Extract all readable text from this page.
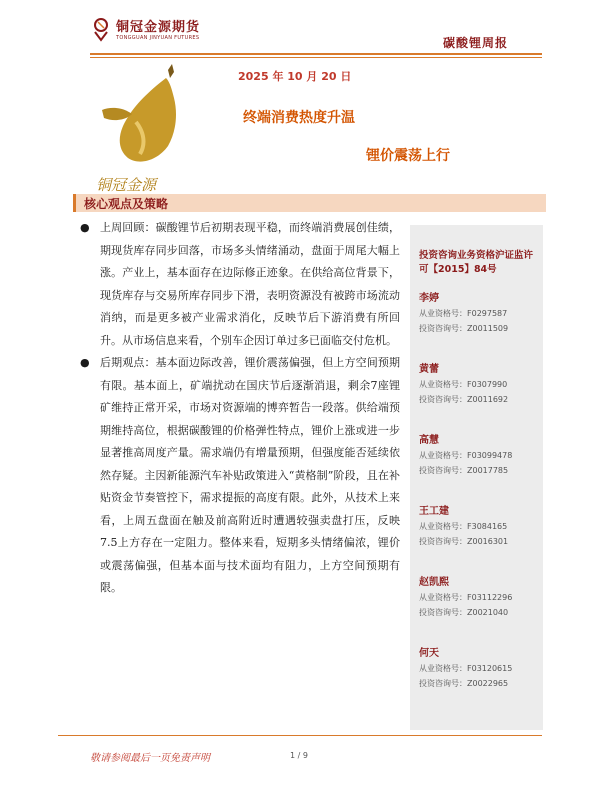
铜冠金源期货
TONGGUAN JINYUAN FUTURES	碳酸锂周报
铜冠金源
2025 年 10 月 20 日
终端消费热度升温
锂价震荡上行
核心观点及策略

● 上周回顾：碳酸锂节后初期表现平稳，而终端消费展创佳绩，期现货库存同步回落，市场多头情绪涌动，盘面于周尾大幅上涨。产业上，基本面存在边际修正迹象。在供给高位背景下，现货库存与交易所库存同步下滑，表明资源没有被跨市场流动消纳，而是更多被产业需求消化，反映节后下游消费有所回升。从市场信息来看，个别车企因订单过多已面临交付危机。

● 后期观点：基本面边际改善，锂价震荡偏强，但上方空间预期有限。基本面上，矿端扰动在国庆节后逐渐消退，剩余7座锂矿维持正常开采，市场对资源端的博弈暂告一段落。供给端预期维持高位，根据碳酸锂的价格弹性特点，锂价上涨或进一步显著推高周度产量。需求端仍有增量预期，但强度能否延续依然存疑。主因新能源汽车补贴政策进入“黄格制”阶段，且在补贴资金节奏管控下，需求提振的高度有限。此外，从技术上来看，上周五盘面在触及前高附近时遭遇较强卖盘打压，反映7.5上方存在一定阻力。整体来看，短期多头情绪偏浓，锂价或震荡偏强，但基本面与技术面均有阻力，上方空间预期有限。

投资咨询业务资格沪证监许可【2015】84号
李婷
从业资格号：F0297587
投资咨询号：Z0011509
黄蕾
从业资格号：F0307990
投资咨询号：Z0011692
高慧
从业资格号：F03099478
投资咨询号：Z0017785
王工建
从业资格号：F3084165
投资咨询号：Z0016301
赵凯熙
从业资格号：F03112296
投资咨询号：Z0021040
何天
从业资格号：F03120615
投资咨询号：Z0022965
敬请参阅最后一页免责声明	1 / 9
